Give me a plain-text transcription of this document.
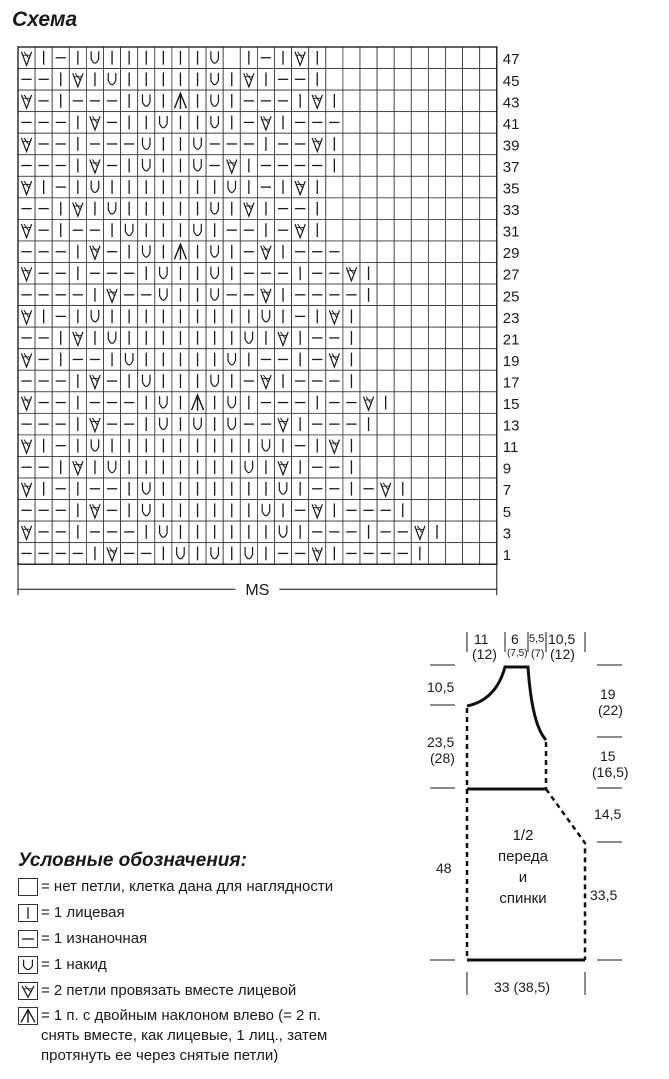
Схема
47
45
43
41
39
37
35
33
31
29
27
25
23
21
19
17
15
13
11
9
7
5
3
1
MS
11
(12)
6
(7,5)
5,5
(7)
10,5
(12)
10,5
23,5
(28)
48
19
(22)
15
(16,5)
14,5
33,5
33 (38,5)
1/2
переда
и
спинки
Условные обозначения:
= нет петли, клетка дана для наглядности
= 1 лицевая
= 1 изнаночная
= 1 накид
= 2 петли провязать вместе лицевой
= 1 п. с двойным наклоном влево (= 2 п.
снять вместе, как лицевые, 1 лиц., затем
протянуть ее через снятые петли)
